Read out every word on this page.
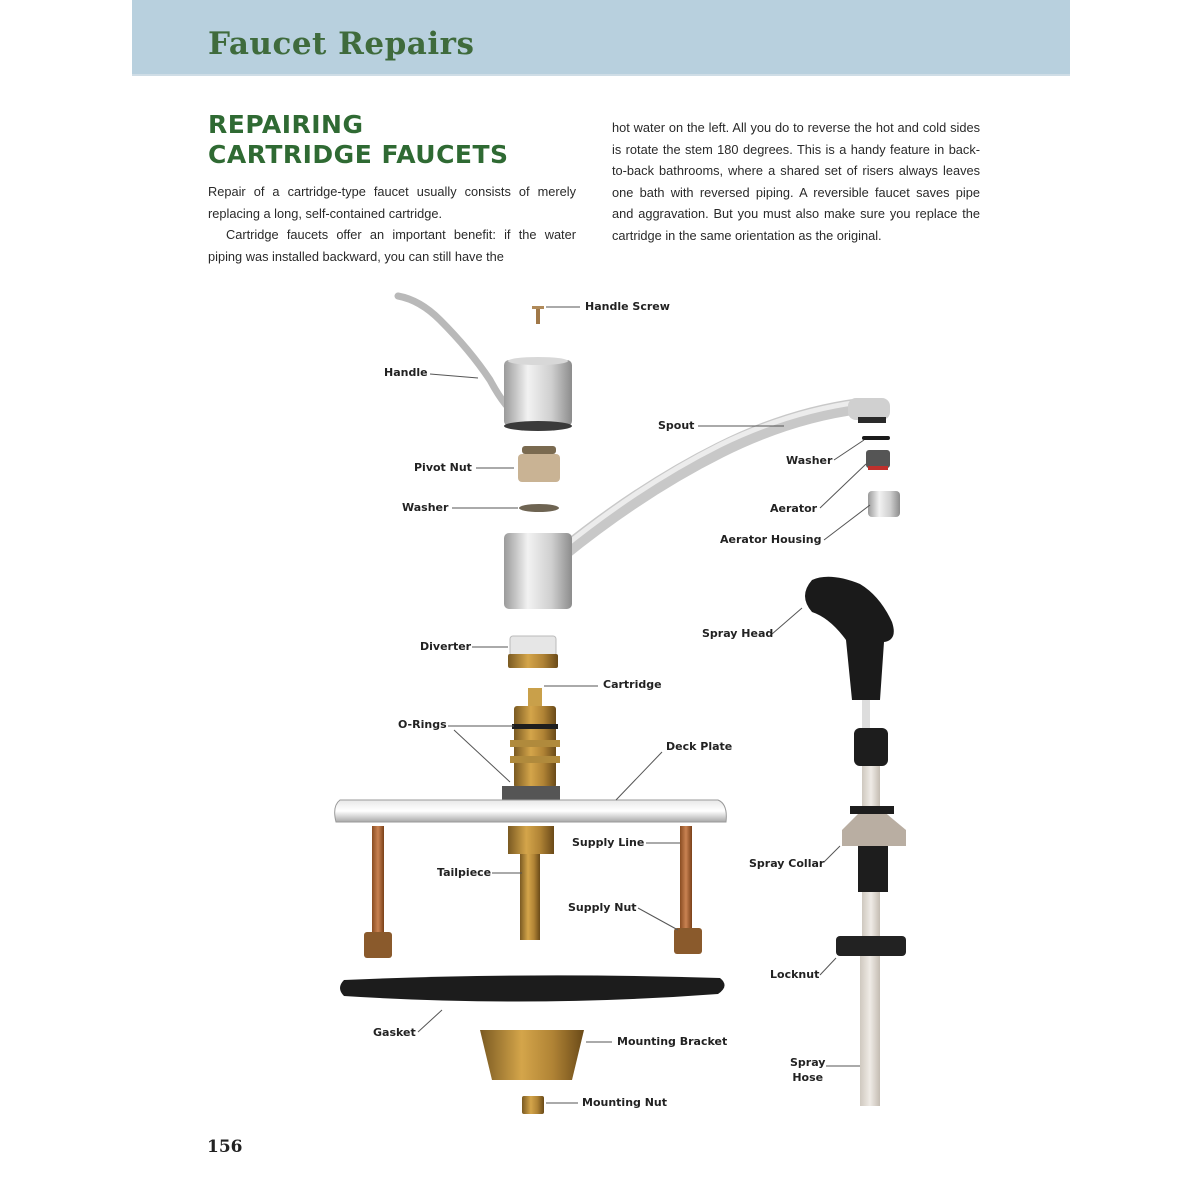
Faucet Repairs
REPAIRING
CARTRIDGE FAUCETS

Repair of a cartridge-type faucet usually consists of merely replacing a long, self-contained cartridge.

Cartridge faucets offer an important benefit: if the water piping was installed backward, you can still have the

hot water on the left. All you do to reverse the hot and cold sides is rotate the stem 180 degrees. This is a handy feature in back-to-back bathrooms, where a shared set of risers always leaves one bath with reversed piping. A reversible faucet saves pipe and aggravation. But you must also make sure you replace the cartridge in the same orientation as the original.

Handle Screw
Handle
Spout
Pivot Nut
Washer
Washer	Aerator
Aerator Housing
Spray Head
Diverter
Cartridge
O-Rings
Deck Plate
Supply Line
Spray Collar
Tailpiece
Supply Nut
Locknut
Gasket
Mounting Bracket
Spray
Hose
Mounting Nut
156
